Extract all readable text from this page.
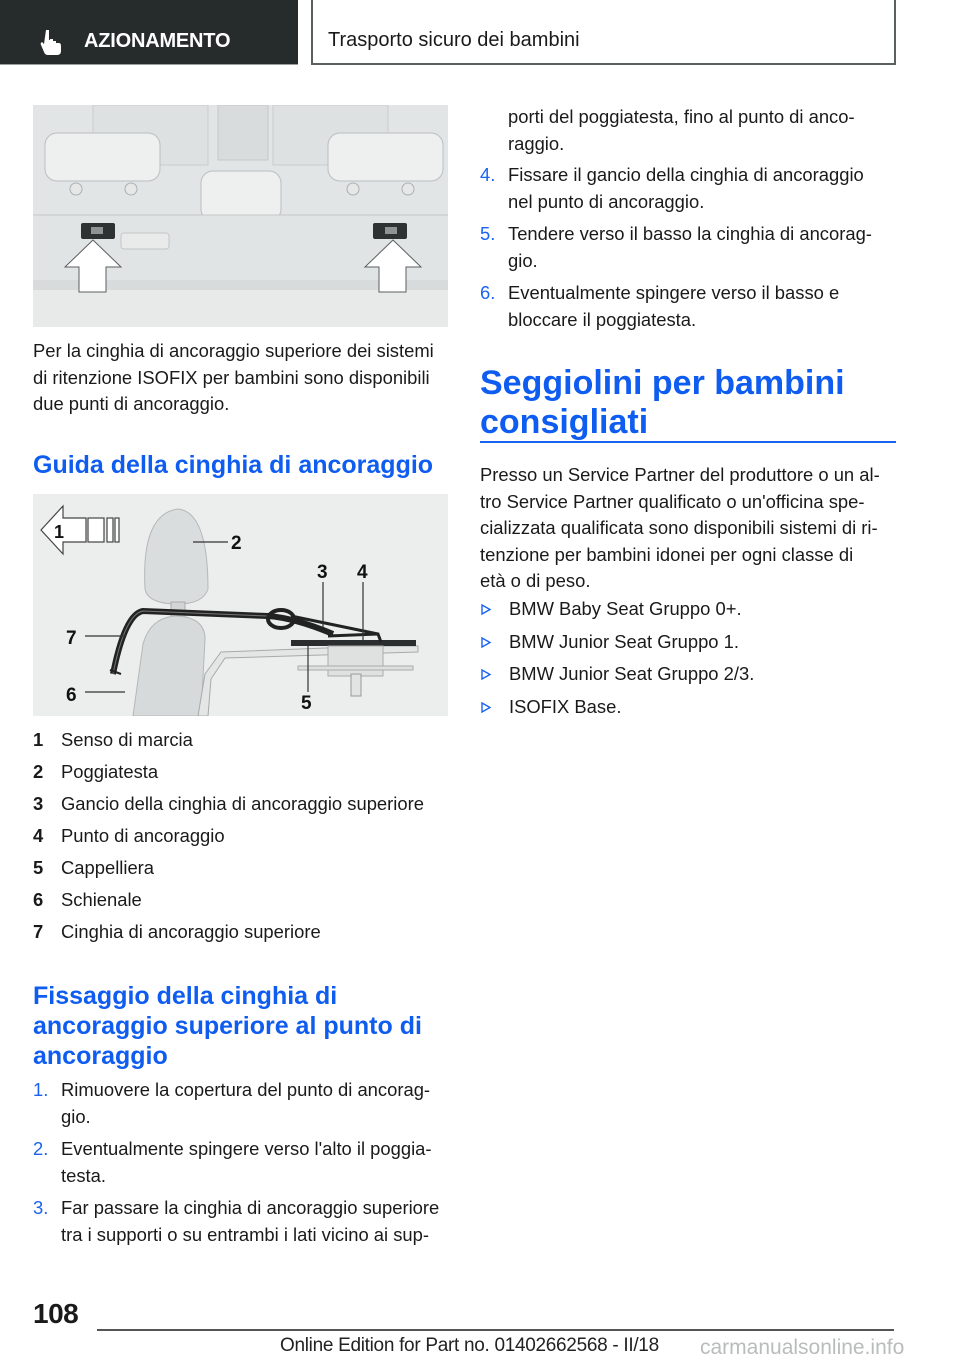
AZIONAMENTO	Trasporto sicuro dei bambini
Per la cinghia di ancoraggio superiore dei sistemi
di ritenzione ISOFIX per bambini sono disponibili
due punti di ancoraggio.
Guida della cinghia di ancoraggio
1
2
3 4
5
6
7
1 Senso di marcia
2 Poggiatesta
3 Gancio della cinghia di ancoraggio superiore
4 Punto di ancoraggio
5 Cappelliera
6 Schienale
7 Cinghia di ancoraggio superiore
Fissaggio della cinghia di
ancoraggio superiore al punto di
ancoraggio
1. Rimuovere la copertura del punto di ancorag-
gio.
2. Eventualmente spingere verso l'alto il poggia-
testa.
3. Far passare la cinghia di ancoraggio superiore
tra i supporti o su entrambi i lati vicino ai sup-
porti del poggiatesta, fino al punto di anco-
raggio.
4. Fissare il gancio della cinghia di ancoraggio
nel punto di ancoraggio.
5. Tendere verso il basso la cinghia di ancorag-
gio.
6. Eventualmente spingere verso il basso e
bloccare il poggiatesta.
Seggiolini per bambini
consigliati
Presso un Service Partner del produttore o un al-
tro Service Partner qualificato o un'officina spe-
cializzata qualificata sono disponibili sistemi di ri-
tenzione per bambini idonei per ogni classe di
età o di peso.
BMW Baby Seat Gruppo 0+.
BMW Junior Seat Gruppo 1.
BMW Junior Seat Gruppo 2/3.
ISOFIX Base.
108
Online Edition for Part no. 01402662568 - II/18 carmanualsonline.info
